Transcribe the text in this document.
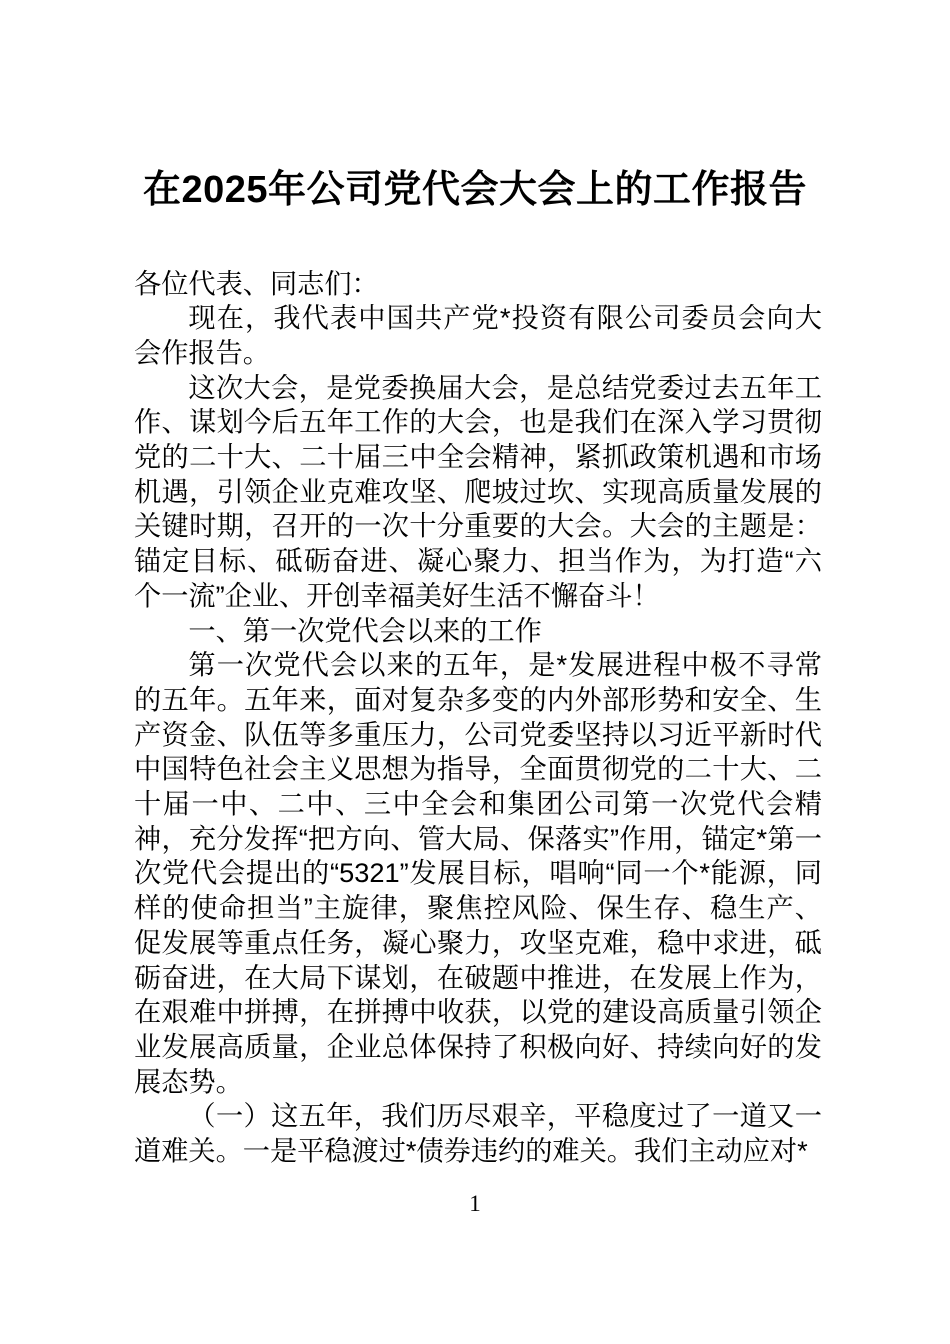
在2025年公司党代会大会上的工作报告

各位代表、同志们：

现在，我代表中国共产党*投资有限公司委员会向大会作报告。

这次大会，是党委换届大会，是总结党委过去五年工作、谋划今后五年工作的大会，也是我们在深入学习贯彻党的二十大、二十届三中全会精神，紧抓政策机遇和市场机遇，引领企业克难攻坚、爬坡过坎、实现高质量发展的关键时期，召开的一次十分重要的大会。大会的主题是：锚定目标、砥砺奋进、凝心聚力、担当作为，为打造“六个一流”企业、开创幸福美好生活不懈奋斗！

一、第一次党代会以来的工作

第一次党代会以来的五年，是*发展进程中极不寻常的五年。五年来，面对复杂多变的内外部形势和安全、生产资金、队伍等多重压力，公司党委坚持以习近平新时代中国特色社会主义思想为指导，全面贯彻党的二十大、二十届一中、二中、三中全会和集团公司第一次党代会精神，充分发挥“把方向、管大局、保落实”作用，锚定*第一次党代会提出的“5321”发展目标，唱响“同一个*能源，同样的使命担当”主旋律，聚焦控风险、保生存、稳生产、促发展等重点任务，凝心聚力，攻坚克难，稳中求进，砥砺奋进，在大局下谋划，在破题中推进，在发展上作为，在艰难中拼搏，在拼搏中收获，以党的建设高质量引领企业发展高质量，企业总体保持了积极向好、持续向好的发展态势。

（一）这五年，我们历尽艰辛，平稳度过了一道又一道难关。一是平稳渡过*债券违约的难关。我们主动应对*

1
